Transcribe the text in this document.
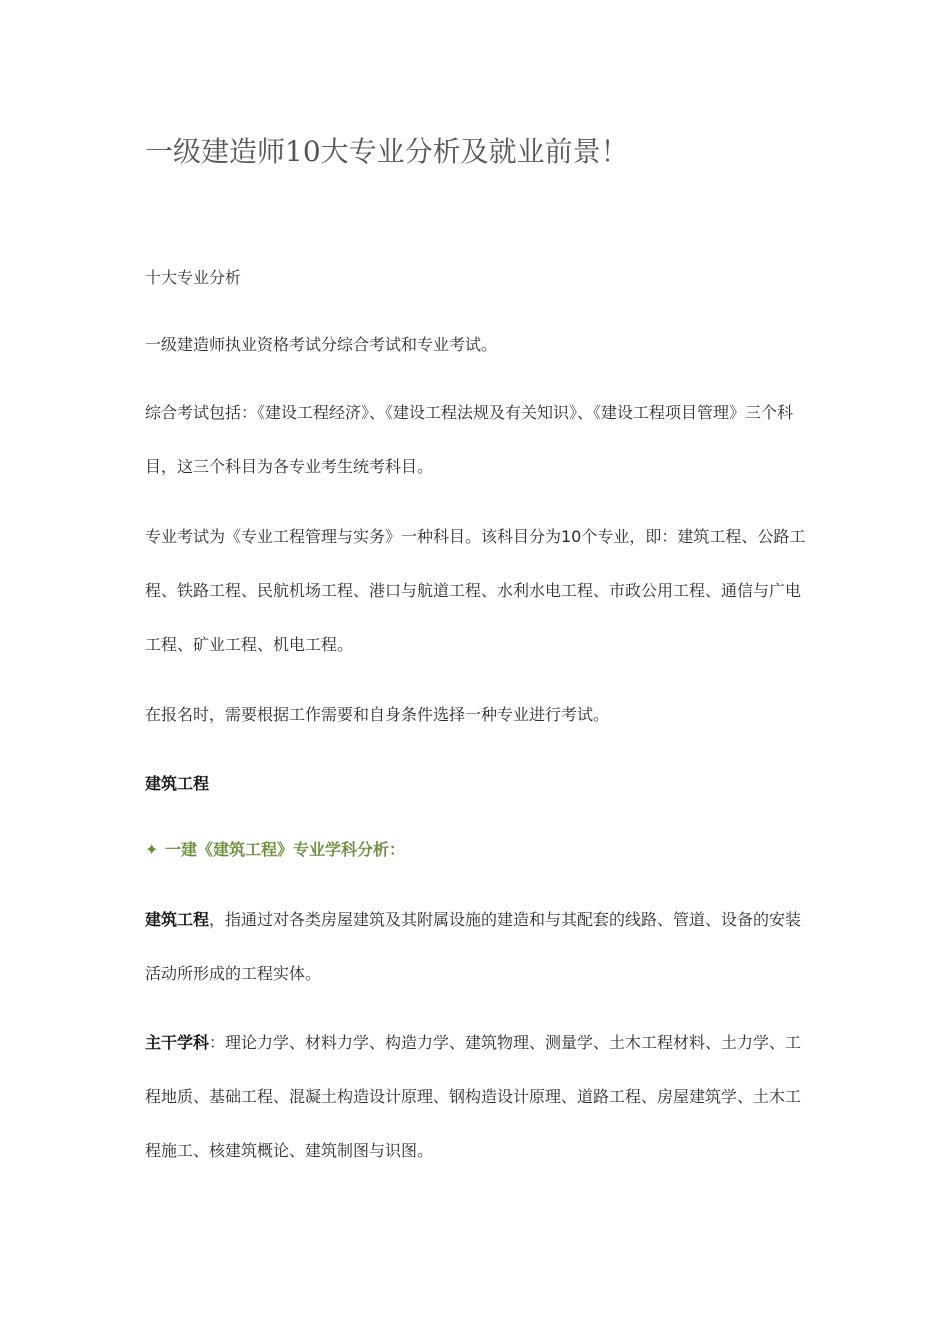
一级建造师10大专业分析及就业前景！

十大专业分析

一级建造师执业资格考试分综合考试和专业考试。

综合考试包括：《建设工程经济》、《建设工程法规及有关知识》、《建设工程项目管理》三个科目，这三个科目为各专业考生统考科目。

专业考试为《专业工程管理与实务》一种科目。该科目分为10个专业，即：建筑工程、公路工程、铁路工程、民航机场工程、港口与航道工程、水利水电工程、市政公用工程、通信与广电工程、矿业工程、机电工程。

在报名时，需要根据工作需要和自身条件选择一种专业进行考试。

建筑工程

✦ 一建《建筑工程》专业学科分析：

建筑工程，指通过对各类房屋建筑及其附属设施的建造和与其配套的线路、管道、设备的安装活动所形成的工程实体。

主干学科：理论力学、材料力学、构造力学、建筑物理、测量学、土木工程材料、土力学、工程地质、基础工程、混凝土构造设计原理、钢构造设计原理、道路工程、房屋建筑学、土木工程施工、核建筑概论、建筑制图与识图。
